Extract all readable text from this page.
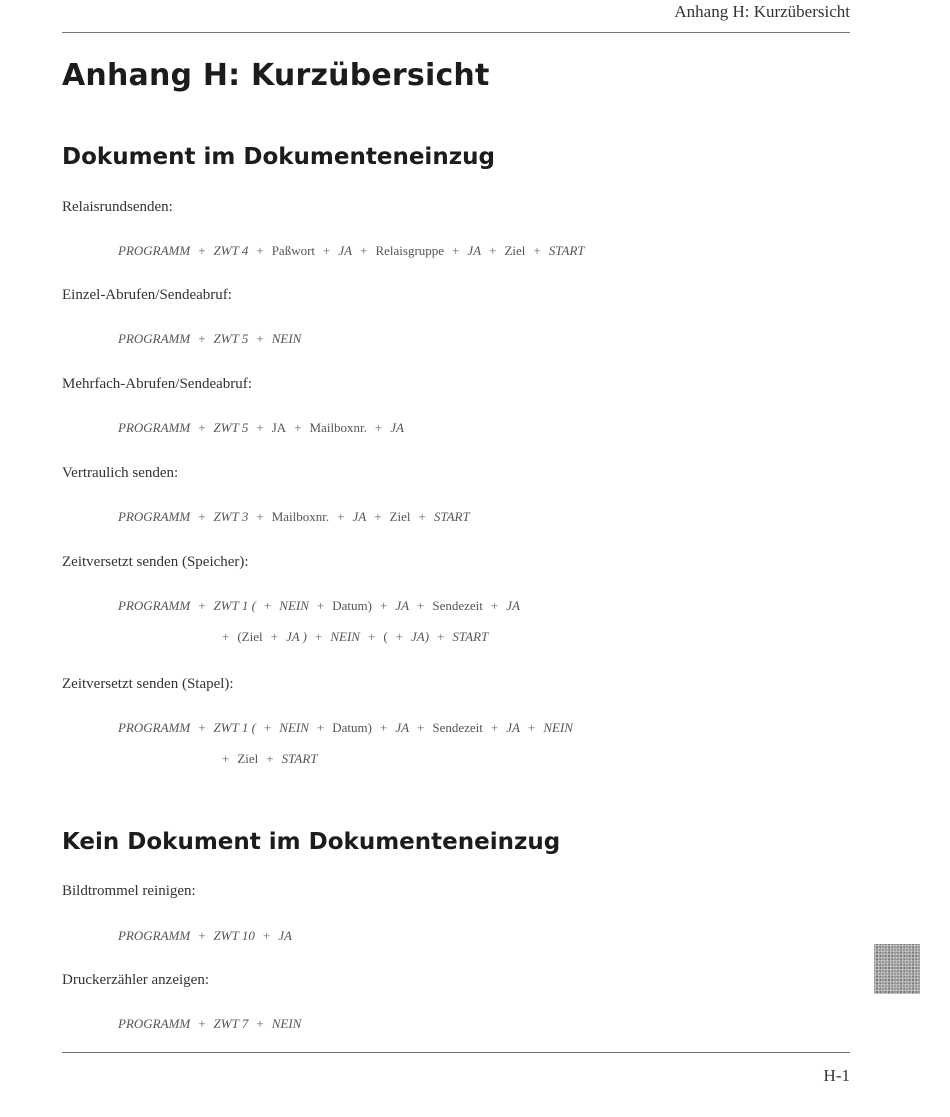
Anhang H: Kurzübersicht
Anhang H: Kurzübersicht
Dokument im Dokumenteneinzug
Relaisrundsenden:
PROGRAMM + ZWT 4 + Paßwort + JA + Relaisgruppe + JA + Ziel + START
Einzel-Abrufen/Sendeabruf:
PROGRAMM + ZWT 5 + NEIN
Mehrfach-Abrufen/Sendeabruf:
PROGRAMM + ZWT 5 + JA + Mailboxnr. + JA
Vertraulich senden:
PROGRAMM + ZWT 3 + Mailboxnr. + JA + Ziel + START
Zeitversetzt senden (Speicher):
PROGRAMM + ZWT 1 ( + NEIN + Datum) + JA + Sendezeit + JA
+ (Ziel + JA ) + NEIN + ( + JA) + START
Zeitversetzt senden (Stapel):
PROGRAMM + ZWT 1 ( + NEIN + Datum) + JA + Sendezeit + JA + NEIN
+ Ziel + START
Kein Dokument im Dokumenteneinzug
Bildtrommel reinigen:
PROGRAMM + ZWT 10 + JA
Druckerzähler anzeigen:
PROGRAMM + ZWT 7 + NEIN
H-1
